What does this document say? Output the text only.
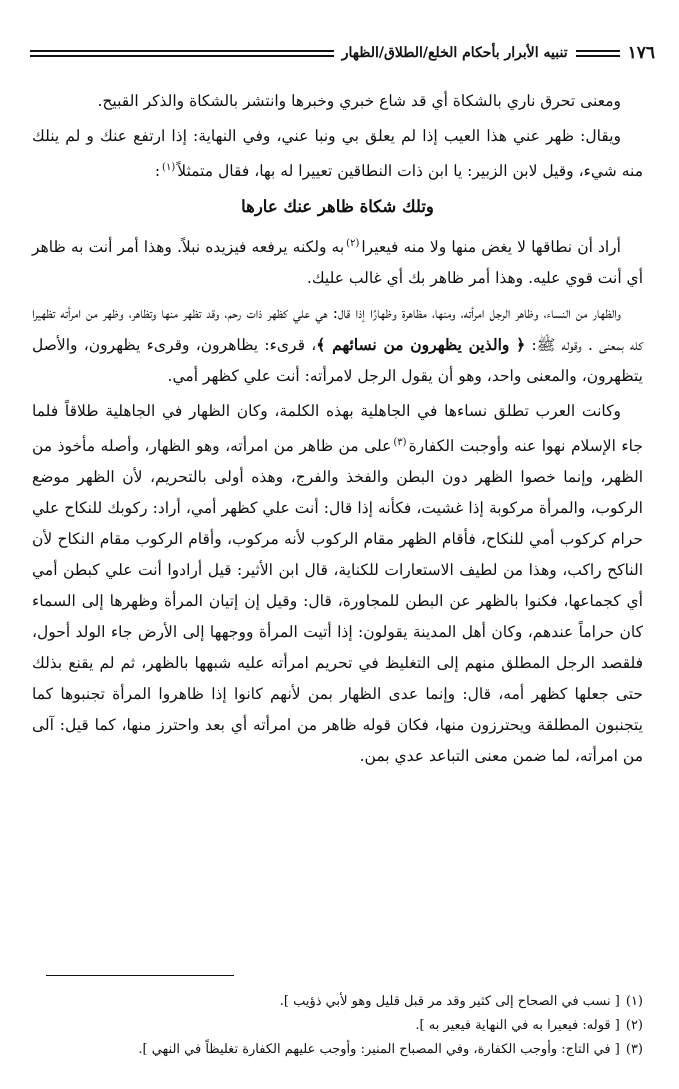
١٧٦
تنبيه الأبرار بأحكام الخلع/الطلاق/الظهار

ومعنى تحرق ناري بالشكاة أي قد شاع خبري وخبرها وانتشر بالشكاة والذكر القبيح.

ويقال: ظهر عني هذا العيب إذا لم يعلق بي ونبا عني، وفي النهاية: إذا ارتفع عنك و لم ينلك منه شيء، وقيل لابن الزبير: يا ابن ذات النطاقين تعييرا له بها، فقال متمثلاً$^{(١)}$:

وتلك شكاة ظاهر عنك عارها

أراد أن نطاقها لا يغض منها ولا منه فيعيرا$^{(٢)}$به ولكنه يرفعه فيزيده نبلاً. وهذا أمر أنت به ظاهر أي أنت قوي عليه. وهذا أمر ظاهر بك أي غالب عليك.

والظهار من النساء، وظاهر الرجل امرأته، ومنها، مظاهرة وظهارًا إذا قال: هي علي كظهر ذات رحم، وقد تظهر منها وتظاهر، وظهر من امرأته تظهيرا كله بمعنى . وقوله ﷺ: ﴿ والذين يظهرون من نسائهم ﴾، قرىء: يظاهرون، وقرىء يظهرون، والأصل يتظهرون، والمعنى واحد، وهو أن يقول الرجل لامرأته: أنت علي كظهر أمي.

وكانت العرب تطلق نساءها في الجاهلية بهذه الكلمة، وكان الظهار في الجاهلية طلاقاً فلما جاء الإسلام نهوا عنه وأوجبت الكفارة$^{(٣)}$على من ظاهر من امرأته، وهو الظهار، وأصله مأخوذ من الظهر، وإنما خصوا الظهر دون البطن والفخذ والفرج، وهذه أولى بالتحريم، لأن الظهر موضع الركوب، والمرأة مركوبة إذا غشيت، فكأنه إذا قال: أنت علي كظهر أمي، أراد: ركوبك للنكاح علي حرام كركوب أمي للنكاح، فأقام الظهر مقام الركوب لأنه مركوب، وأقام الركوب مقام النكاح لأن الناكح راكب، وهذا من لطيف الاستعارات للكناية، قال ابن الأثير: قيل أرادوا أنت علي كبطن أمي أي كجماعها، فكنوا بالظهر عن البطن للمجاورة، قال: وقيل إن إتيان المرأة وظهرها إلى السماء كان حراماً عندهم، وكان أهل المدينة يقولون: إذا أتيت المرأة ووجهها إلى الأرض جاء الولد أحول، فلقصد الرجل المطلق منهم إلى التغليظ في تحريم امرأته عليه شبهها بالظهر، ثم لم يقنع بذلك حتى جعلها كظهر أمه، قال: وإنما عدى الظهار بمن لأنهم كانوا إذا ظاهروا المرأة تجنبوها كما يتجنبون المطلقة ويحترزون منها، فكان قوله ظاهر من امرأته أي بعد واحترز منها، كما قيل: آلى من امرأته، لما ضمن معنى التباعد عدي بمن.

(١)
[ نسب في الصحاح إلى كثير وقد مر قبل قليل وهو لأبي ذؤيب ].
(٢)
[ قوله: فيعيرا به في النهاية فيعير به ].
(٣)
[ في التاج: وأوجب الكفارة، وفي المصباح المنير: وأوجب عليهم الكفارة تغليظاً في النهي ].
